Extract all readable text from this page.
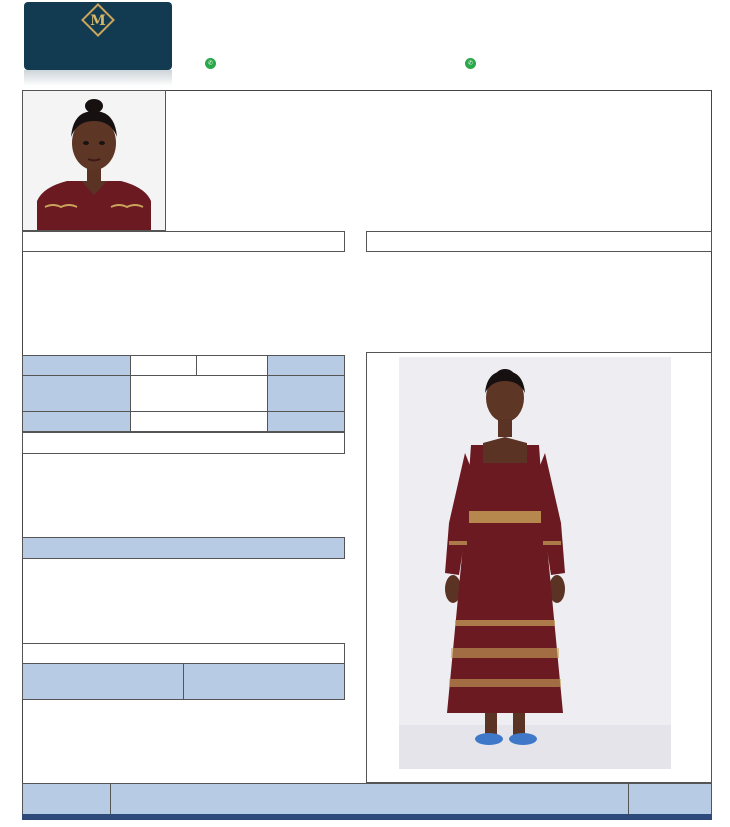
M
✆	✆
